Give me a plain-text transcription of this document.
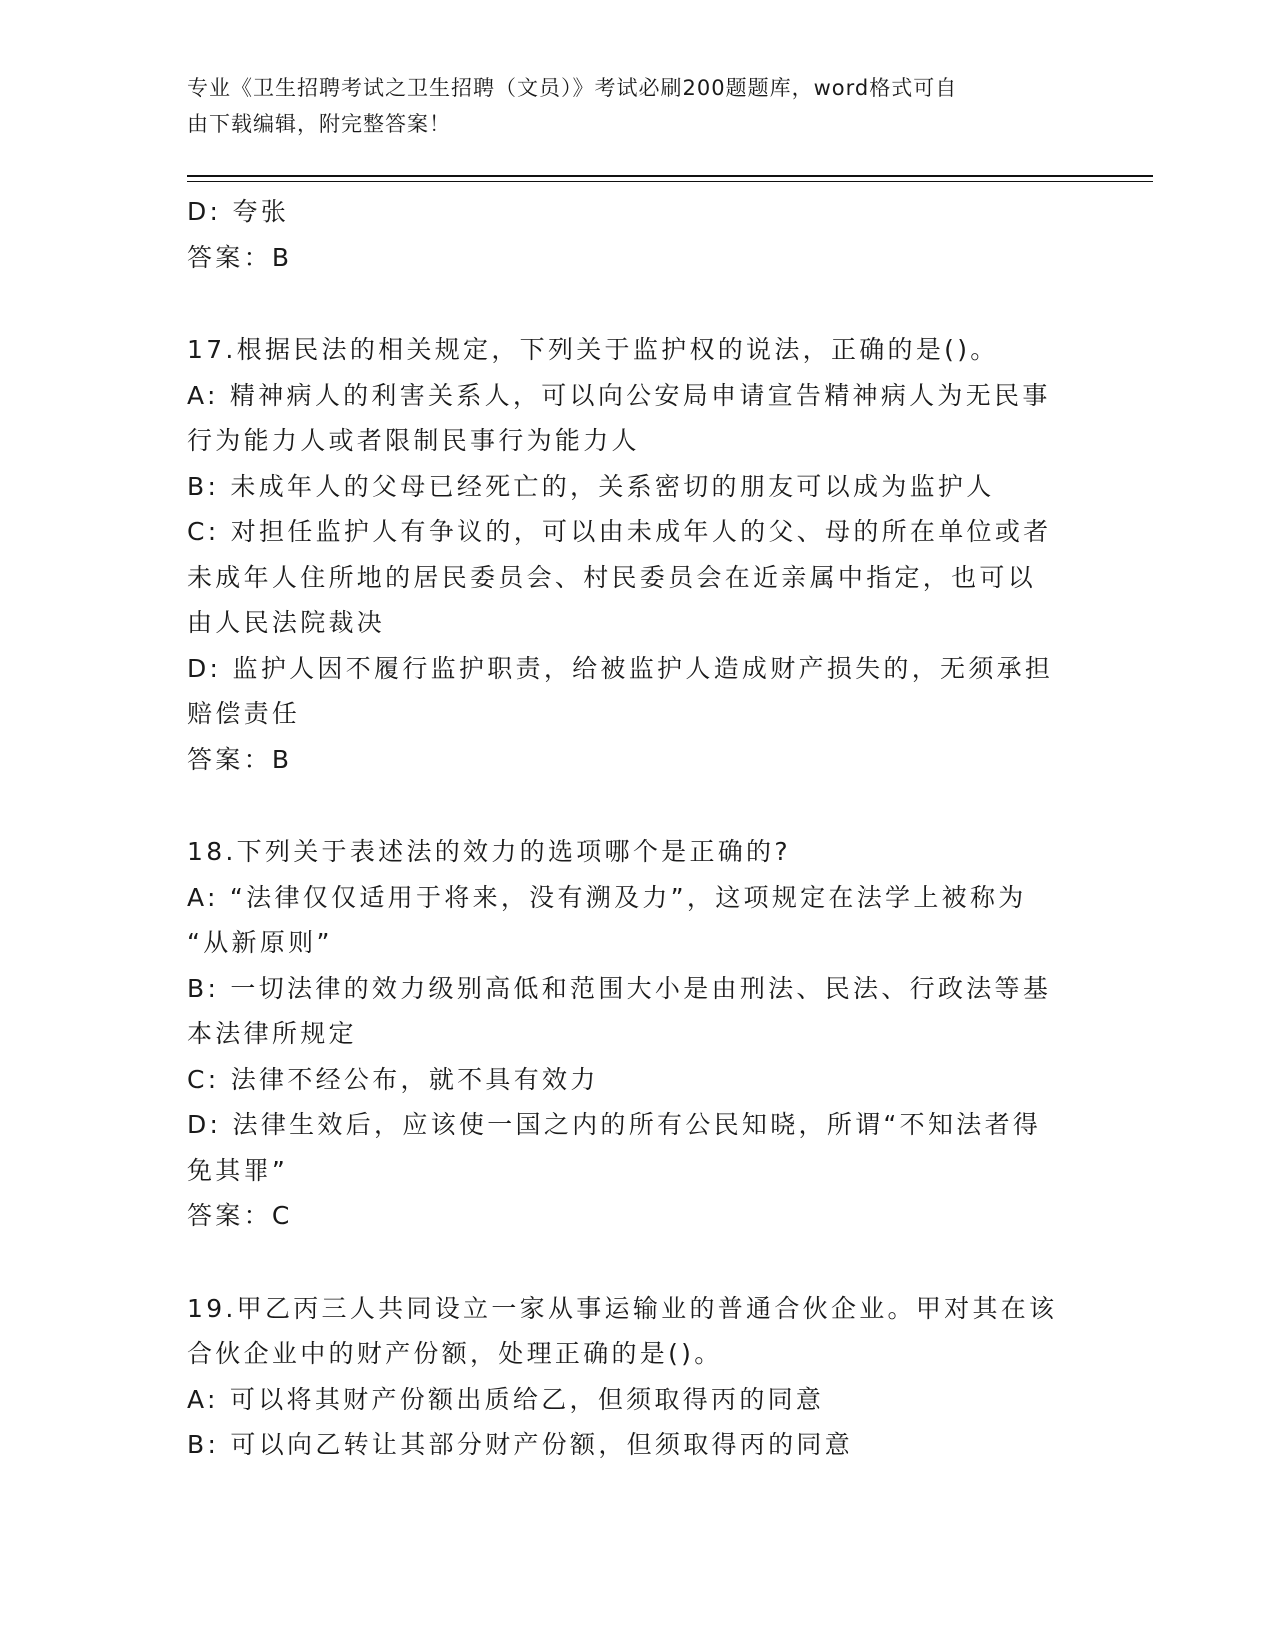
专业《卫生招聘考试之卫生招聘（文员）》考试必刷200题题库，word格式可自
由下载编辑，附完整答案！

D: 夸张

答案：B

17.根据民法的相关规定，下列关于监护权的说法，正确的是()。

A: 精神病人的利害关系人，可以向公安局申请宣告精神病人为无民事

行为能力人或者限制民事行为能力人

B: 未成年人的父母已经死亡的，关系密切的朋友可以成为监护人

C: 对担任监护人有争议的，可以由未成年人的父、母的所在单位或者

未成年人住所地的居民委员会、村民委员会在近亲属中指定，也可以

由人民法院裁决

D: 监护人因不履行监护职责，给被监护人造成财产损失的，无须承担

赔偿责任

答案：B

18.下列关于表述法的效力的选项哪个是正确的?

A: “法律仅仅适用于将来，没有溯及力”，这项规定在法学上被称为

“从新原则”

B: 一切法律的效力级别高低和范围大小是由刑法、民法、行政法等基

本法律所规定

C: 法律不经公布，就不具有效力

D: 法律生效后，应该使一国之内的所有公民知晓，所谓“不知法者得

免其罪”

答案：C

19.甲乙丙三人共同设立一家从事运输业的普通合伙企业。甲对其在该

合伙企业中的财产份额，处理正确的是()。

A: 可以将其财产份额出质给乙，但须取得丙的同意

B: 可以向乙转让其部分财产份额，但须取得丙的同意
